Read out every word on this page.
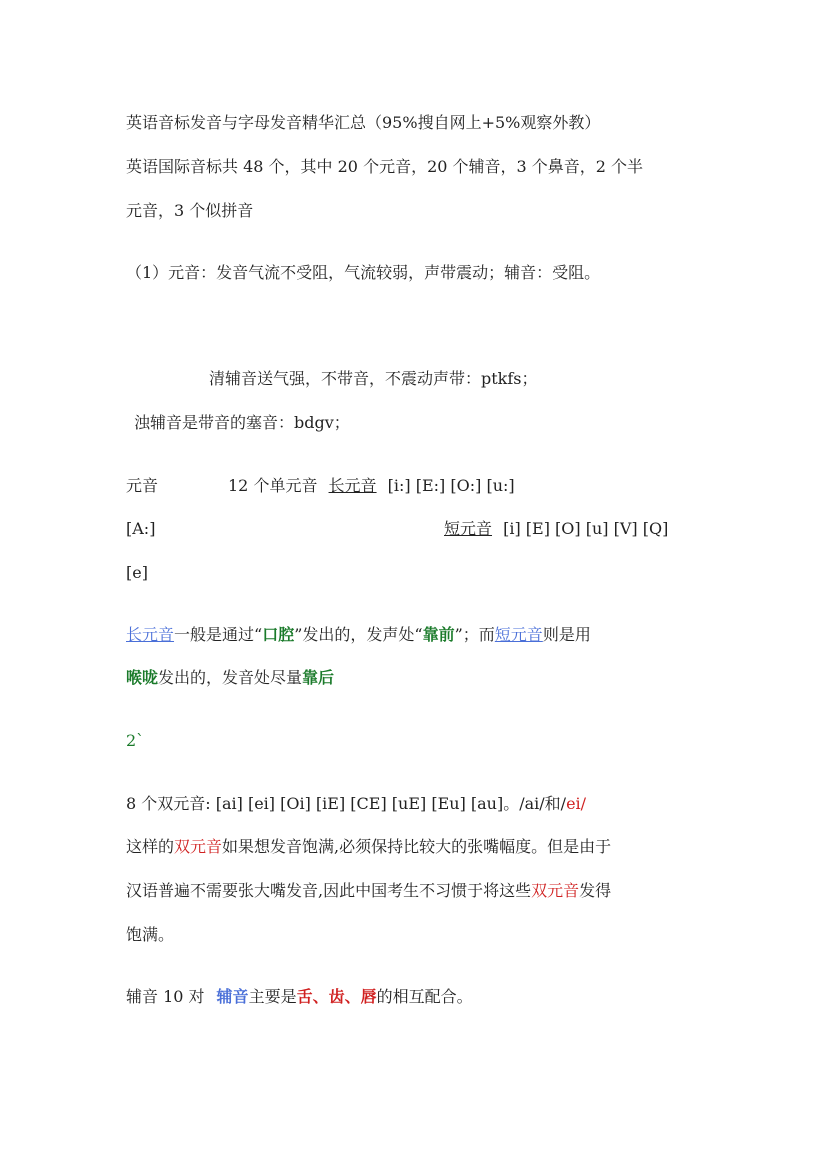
英语音标发音与字母发音精华汇总（95%搜自网上+5%观察外教）
英语国际音标共 48 个，其中 20 个元音，20 个辅音，3 个鼻音，2 个半
元音，3 个似拼音
（1）元音：发音气流不受阻，气流较弱，声带震动；辅音：受阻。
清辅音送气强，不带音，不震动声带：ptkfs；
浊辅音是带音的塞音：bdgv；
元音	12 个单元音 长元音 [i:] [E:] [O:] [u:]
[A:]	短元音 [i] [E] [O] [u] [V] [Q]
[e]
长元音一般是通过“口腔”发出的，发声处“靠前”；而短元音则是用
喉咙发出的，发音处尽量靠后
2`
8 个双元音: [ai] [ei] [Oi] [iE] [CE] [uE] [Eu] [au]。/ai/和/ei/
这样的双元音如果想发音饱满,必须保持比较大的张嘴幅度。但是由于
汉语普遍不需要张大嘴发音,因此中国考生不习惯于将这些双元音发得
饱满。
辅音 10 对 辅音主要是舌、齿、唇的相互配合。
